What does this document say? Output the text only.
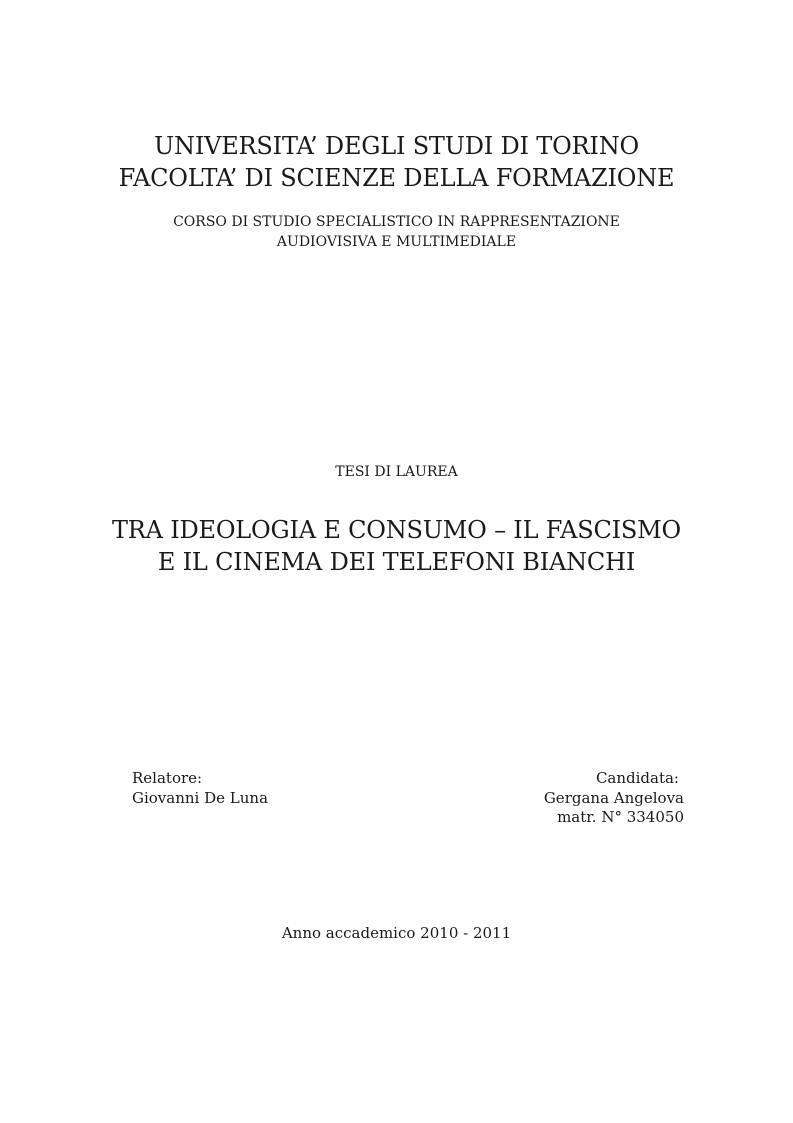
UNIVERSITA’ DEGLI STUDI DI TORINO
FACOLTA’ DI SCIENZE DELLA FORMAZIONE
CORSO DI STUDIO SPECIALISTICO IN RAPPRESENTAZIONE
AUDIOVISIVA E MULTIMEDIALE
TESI DI LAUREA
TRA IDEOLOGIA E CONSUMO – IL FASCISMO
E IL CINEMA DEI TELEFONI BIANCHI
Relatore:
Giovanni De Luna
Candidata:
Gergana Angelova
matr. N° 334050
Anno accademico 2010 - 2011
